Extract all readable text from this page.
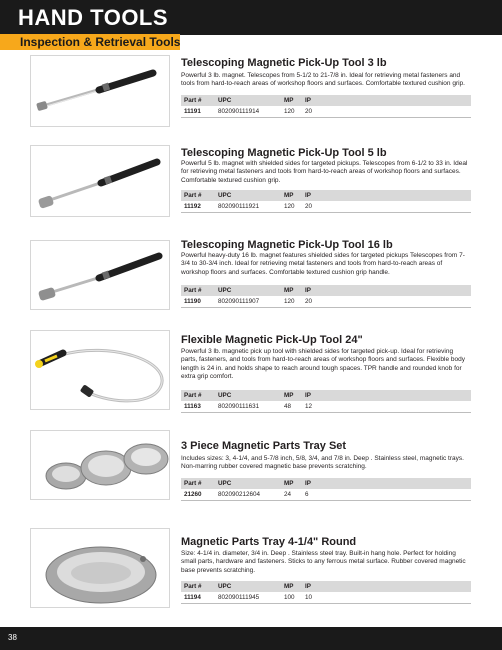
HAND TOOLS
Inspection & Retrieval Tools
Telescoping Magnetic Pick-Up Tool 3 lb
Powerful 3 lb. magnet. Telescopes from 5-1/2 to 21-7/8 in. Ideal for retrieving metal fasteners and tools from hard-to-reach areas of workshop floors and surfaces. Comfortable textured cushion grip.
Part #	UPC	MP IP
11191	802090111914	120 20
Telescoping Magnetic Pick-Up Tool 5 lb
Powerful 5 lb. magnet with shielded sides for targeted pickups. Telescopes from 6-1/2 to 33 in. Ideal for retrieving metal fasteners and tools from hard-to-reach areas of workshop floors and surfaces. Comfortable textured cushion grip.
Part #	UPC	MP IP
11192	802090111921	120 20
Telescoping Magnetic Pick-Up Tool 16 lb
Powerful heavy-duty 16 lb. magnet features shielded sides for targeted pickups Telescopes from 7-3/4 to 30-3/4 inch. Ideal for retrieving metal fasteners and tools from hard-to-reach areas of workshop floors and surfaces. Comfortable textured cushion grip handle.
Part #	UPC	MP IP
11190	802090111907	120 20
Flexible Magnetic Pick-Up Tool 24"
Powerful 3 lb. magnetic pick up tool with shielded sides for targeted pick-up. Ideal for retrieving parts, fasteners, and tools from hard-to-reach areas of workshop floors and surfaces. Flexible body length is 24 in. and holds shape to reach around tough spaces. TPR handle and rounded knob for extra grip comfort.
Part #	UPC	MP IP
11163	802090111631	48 12
3 Piece Magnetic Parts Tray Set
Includes sizes: 3, 4-1/4, and 5-7/8 inch, 5/8, 3/4, and 7/8 in. Deep . Stainless steel, magnetic trays. Non-marring rubber covered magnetic base prevents scratching.
Part #	UPC	MP IP
21260	802090212604	24 6
Magnetic Parts Tray 4-1/4" Round
Size: 4-1/4 in. diameter, 3/4 in. Deep . Stainless steel tray. Built-in hang hole. Perfect for holding small parts, hardware and fasteners. Sticks to any ferrous metal surface. Rubber covered magnetic base prevents scratching.
Part #	UPC	MP IP
11194	802090111945	100 10
38
